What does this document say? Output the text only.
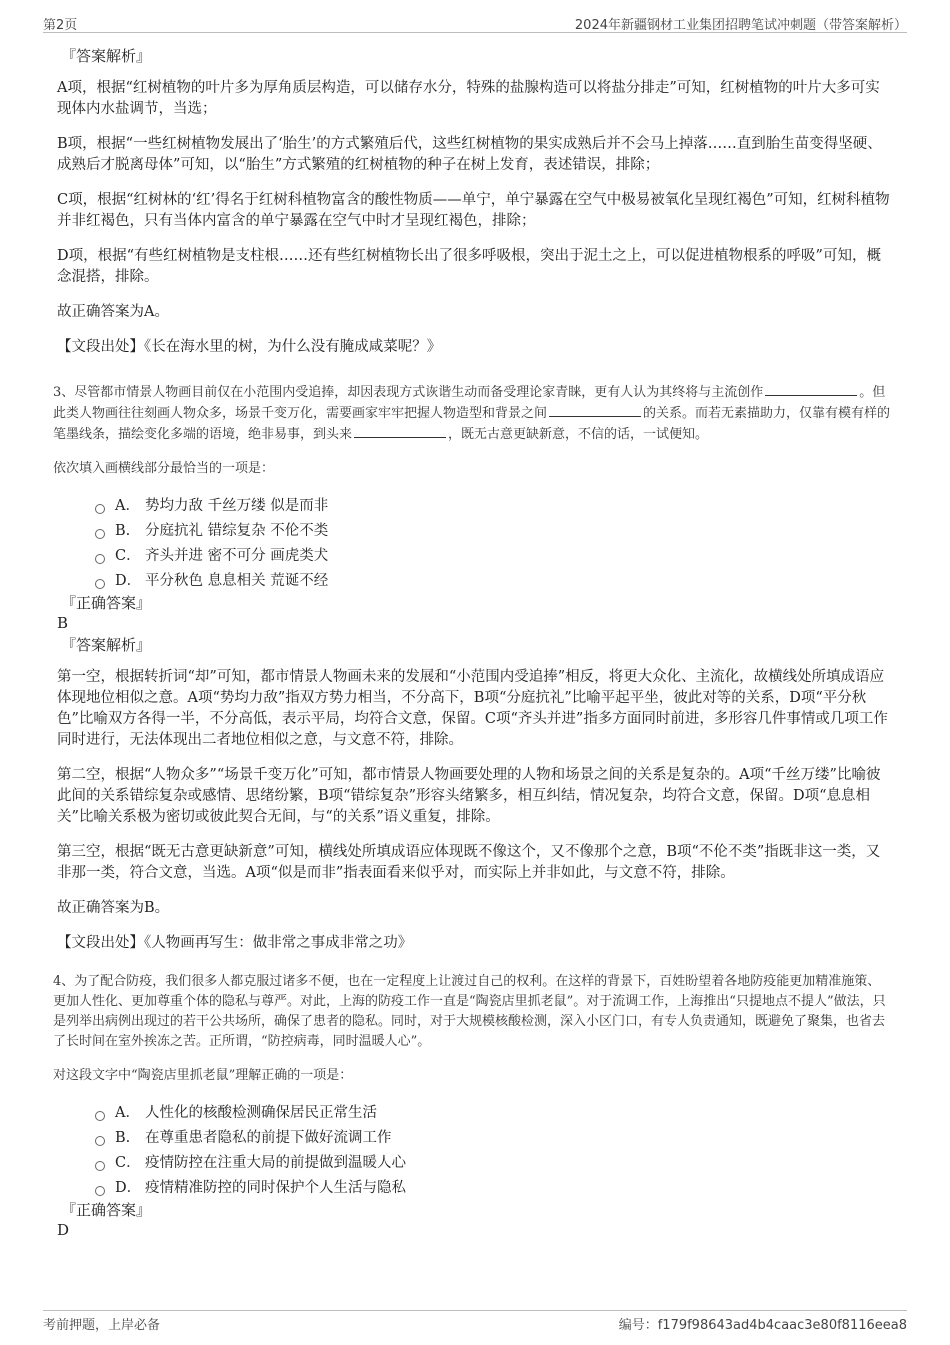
第2页	2024年新疆钢材工业集团招聘笔试冲刺题（带答案解析）

『答案解析』

A项，根据“红树植物的叶片多为厚角质层构造，可以储存水分，特殊的盐腺构造可以将盐分排走”可知，红树植物的叶片大多可实现体内水盐调节，当选；

B项，根据“一些红树植物发展出了‘胎生’的方式繁殖后代，这些红树植物的果实成熟后并不会马上掉落……直到胎生苗变得坚硬、成熟后才脱离母体”可知，以“胎生”方式繁殖的红树植物的种子在树上发育，表述错误，排除；

C项，根据“红树林的‘红’得名于红树科植物富含的酸性物质——单宁，单宁暴露在空气中极易被氧化呈现红褐色”可知，红树科植物并非红褐色，只有当体内富含的单宁暴露在空气中时才呈现红褐色，排除；

D项，根据“有些红树植物是支柱根……还有些红树植物长出了很多呼吸根，突出于泥土之上，可以促进植物根系的呼吸”可知，概念混搭，排除。

故正确答案为A。

【文段出处】《长在海水里的树，为什么没有腌成咸菜呢？》

3、尽管都市情景人物画目前仅在小范围内受追捧，却因表现方式诙谐生动而备受理论家青睐，更有人认为其终将与主流创作	。但此类人物画往往刻画人物众多，场景千变万化，需要画家牢牢把握人物造型和背景之间	的关系。而若无素描助力，仅靠有模有样的笔墨线条，描绘变化多端的语境，绝非易事，到头来	，既无古意更缺新意，不信的话，一试便知。

依次填入画横线部分最恰当的一项是：

A． 势均力敌 千丝万缕 似是而非
B.	分庭抗礼 错综复杂 不伦不类
C． 齐头并进 密不可分 画虎类犬
D． 平分秋色 息息相关 荒诞不经

『正确答案』

B

『答案解析』

第一空，根据转折词“却”可知，都市情景人物画未来的发展和“小范围内受追捧”相反，将更大众化、主流化，故横线处所填成语应体现地位相似之意。A项“势均力敌”指双方势力相当，不分高下，B项“分庭抗礼”比喻平起平坐，彼此对等的关系，D项“平分秋色”比喻双方各得一半，不分高低，表示平局，均符合文意，保留。C项“齐头并进”指多方面同时前进，多形容几件事情或几项工作同时进行，无法体现出二者地位相似之意，与文意不符，排除。

第二空，根据“人物众多”“场景千变万化”可知，都市情景人物画要处理的人物和场景之间的关系是复杂的。A项“千丝万缕”比喻彼此间的关系错综复杂或感情、思绪纷繁，B项“错综复杂”形容头绪繁多，相互纠结，情况复杂，均符合文意，保留。D项“息息相关”比喻关系极为密切或彼此契合无间，与“的关系”语义重复，排除。

第三空，根据“既无古意更缺新意”可知，横线处所填成语应体现既不像这个，又不像那个之意，B项“不伦不类”指既非这一类，又非那一类，符合文意，当选。A项“似是而非”指表面看来似乎对，而实际上并非如此，与文意不符，排除。

故正确答案为B。

【文段出处】《人物画再写生：做非常之事成非常之功》

4、为了配合防疫，我们很多人都克服过诸多不便，也在一定程度上让渡过自己的权利。在这样的背景下，百姓盼望着各地防疫能更加精准施策、更加人性化、更加尊重个体的隐私与尊严。对此，上海的防疫工作一直是“陶瓷店里抓老鼠”。对于流调工作，上海推出“只提地点不提人”做法，只是列举出病例出现过的若干公共场所，确保了患者的隐私。同时，对于大规模核酸检测，深入小区门口，有专人负责通知，既避免了聚集，也省去了长时间在室外挨冻之苦。正所谓，“防控病毒，同时温暖人心”。

对这段文字中“陶瓷店里抓老鼠”理解正确的一项是：

A． 人性化的核酸检测确保居民正常生活
B.	在尊重患者隐私的前提下做好流调工作
C． 疫情防控在注重大局的前提做到温暖人心
D． 疫情精准防控的同时保护个人生活与隐私

『正确答案』

D

考前押题，上岸必备	编号：f179f98643ad4b4caac3e80f8116eea8
